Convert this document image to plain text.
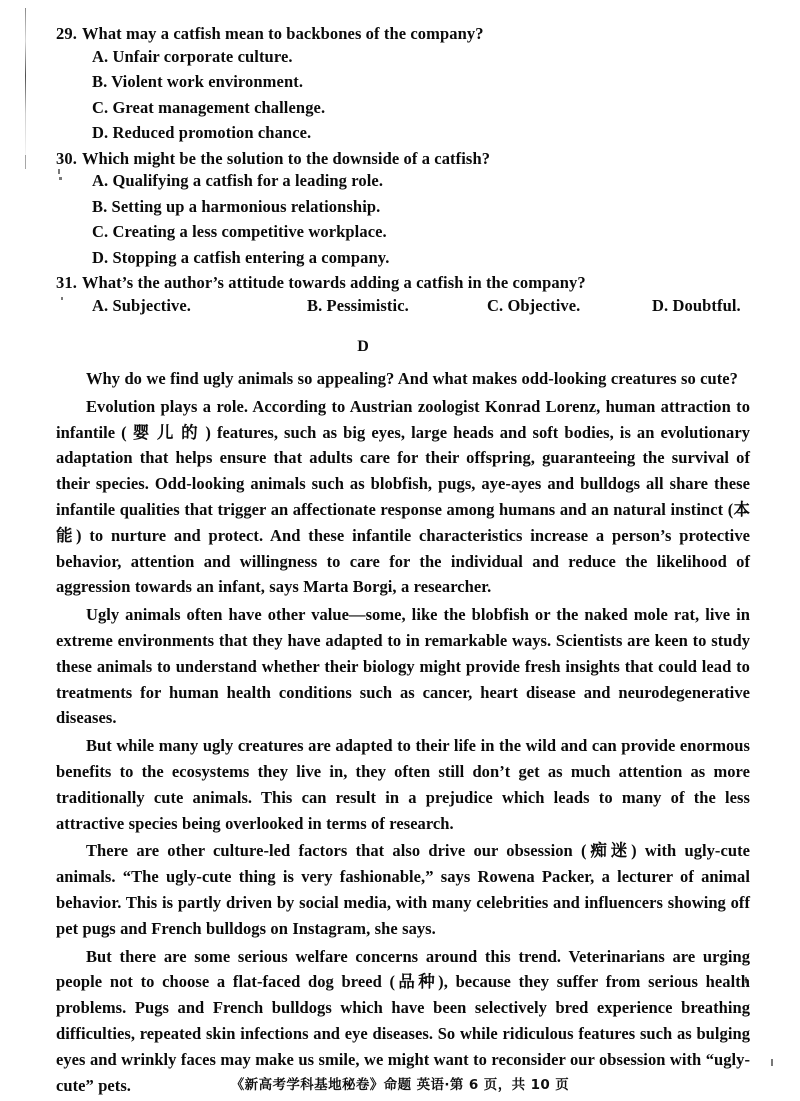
29. What may a catfish mean to backbones of the company?
A. Unfair corporate culture.
B. Violent work environment.
C. Great management challenge.
D. Reduced promotion chance.
30. Which might be the solution to the downside of a catfish?
A. Qualifying a catfish for a leading role.
B. Setting up a harmonious relationship.
C. Creating a less competitive workplace.
D. Stopping a catfish entering a company.
31. What’s the author’s attitude towards adding a catfish in the company?
A. Subjective.	B. Pessimistic.	C. Objective.	D. Doubtful.
D

Why do we find ugly animals so appealing? And what makes odd-looking creatures so cute?

Evolution plays a role. According to Austrian zoologist Konrad Lorenz, human attraction to infantile ( 婴 儿 的 ) features, such as big eyes, large heads and soft bodies, is an evolutionary adaptation that helps ensure that adults care for their offspring, guaranteeing the survival of their species. Odd-looking animals such as blobfish, pugs, aye-ayes and bulldogs all share these infantile qualities that trigger an affectionate response among humans and an natural instinct (本能) to nurture and protect. And these infantile characteristics increase a person’s protective behavior, attention and willingness to care for the individual and reduce the likelihood of aggression towards an infant, says Marta Borgi, a researcher.

Ugly animals often have other value—some, like the blobfish or the naked mole rat, live in extreme environments that they have adapted to in remarkable ways. Scientists are keen to study these animals to understand whether their biology might provide fresh insights that could lead to treatments for human health conditions such as cancer, heart disease and neurodegenerative diseases.

But while many ugly creatures are adapted to their life in the wild and can provide enormous benefits to the ecosystems they live in, they often still don’t get as much attention as more traditionally cute animals. This can result in a prejudice which leads to many of the less attractive species being overlooked in terms of research.

There are other culture-led factors that also drive our obsession (痴迷) with ugly-cute animals. “The ugly-cute thing is very fashionable,” says Rowena Packer, a lecturer of animal behavior. This is partly driven by social media, with many celebrities and influencers showing off pet pugs and French bulldogs on Instagram, she says.

But there are some serious welfare concerns around this trend. Veterinarians are urging people not to choose a flat-faced dog breed (品种), because they suffer from serious health problems. Pugs and French bulldogs which have been selectively bred experience breathing difficulties, repeated skin infections and eye diseases. So while ridiculous features such as bulging eyes and wrinkly faces may make us smile, we might want to reconsider our obsession with “ugly-cute” pets.	《新高考学科基地秘卷》命题 英语·第 6 页，共 10 页
